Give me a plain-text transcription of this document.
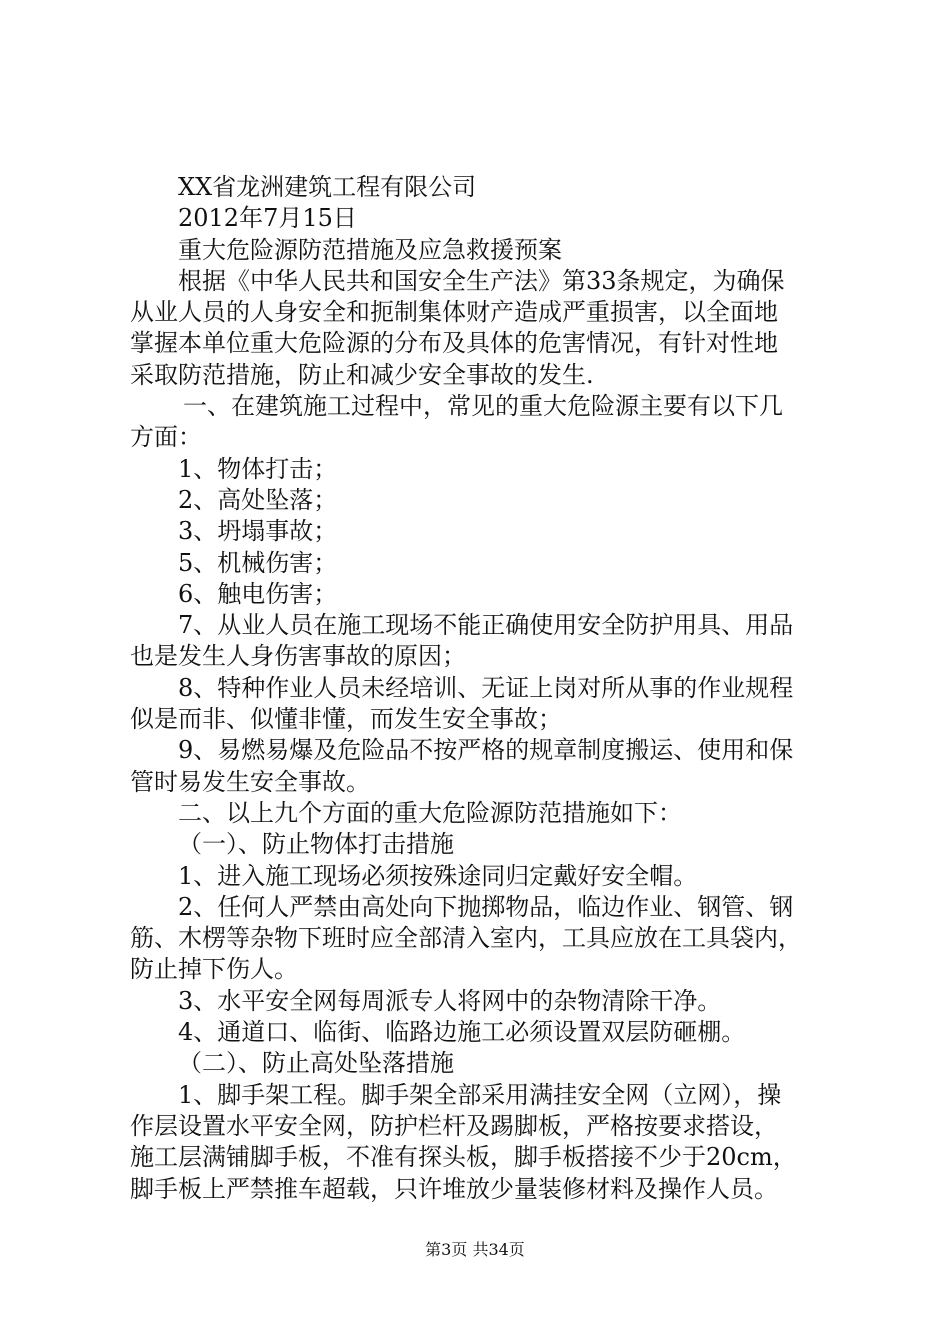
XX省龙洲建筑工程有限公司
2012年7月15日
重大危险源防范措施及应急救援预案
根据《中华人民共和国安全生产法》第33条规定，为确保
从业人员的人身安全和扼制集体财产造成严重损害，以全面地
掌握本单位重大危险源的分布及具体的危害情况，有针对性地
采取防范措施，防止和减少安全事故的发生.
一、在建筑施工过程中，常见的重大危险源主要有以下几
方面：
1、物体打击；
2、高处坠落；
3、坍塌事故；
5、机械伤害；
6、触电伤害；
7、从业人员在施工现场不能正确使用安全防护用具、用品
也是发生人身伤害事故的原因；
8、特种作业人员未经培训、无证上岗对所从事的作业规程
似是而非、似懂非懂，而发生安全事故；
9、易燃易爆及危险品不按严格的规章制度搬运、使用和保
管时易发生安全事故。
二、以上九个方面的重大危险源防范措施如下：
（一）、防止物体打击措施
1、进入施工现场必须按殊途同归定戴好安全帽。
2、任何人严禁由高处向下抛掷物品，临边作业、钢管、钢
筋、木楞等杂物下班时应全部清入室内，工具应放在工具袋内，
防止掉下伤人。
3、水平安全网每周派专人将网中的杂物清除干净。
4、通道口、临街、临路边施工必须设置双层防砸棚。
（二）、防止高处坠落措施
1、脚手架工程。脚手架全部采用满挂安全网（立网），操
作层设置水平安全网，防护栏杆及踢脚板，严格按要求搭设，
施工层满铺脚手板，不准有探头板，脚手板搭接不少于20cm，
脚手板上严禁推车超载，只许堆放少量装修材料及操作人员。
第3页 共34页
